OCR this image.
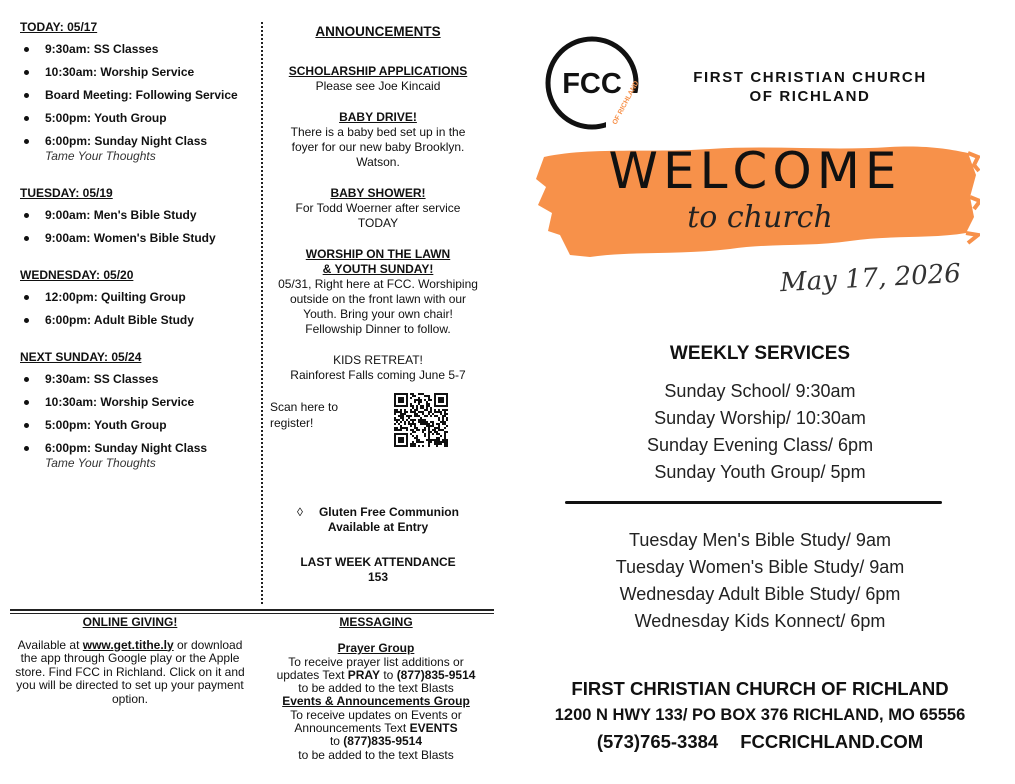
TODAY: 05/17
9:30am: SS Classes
10:30am: Worship Service
Board Meeting: Following Service
5:00pm: Youth Group
6:00pm: Sunday Night Class
Tame Your Thoughts
TUESDAY: 05/19
9:00am: Men's Bible Study
9:00am: Women's Bible Study
WEDNESDAY: 05/20
12:00pm: Quilting Group
6:00pm: Adult Bible Study
NEXT SUNDAY: 05/24
9:30am: SS Classes
10:30am: Worship Service
5:00pm: Youth Group
6:00pm: Sunday Night Class
Tame Your Thoughts
ANNOUNCEMENTS
SCHOLARSHIP APPLICATIONS
Please see Joe Kincaid
BABY DRIVE!
There is a baby bed set up in the
foyer for our new baby Brooklyn.
Watson.
BABY SHOWER!
For Todd Woerner after service
TODAY
WORSHIP ON THE LAWN
& YOUTH SUNDAY!
05/31, Right here at FCC. Worshiping
outside on the front lawn with our
Youth. Bring your own chair!
Fellowship Dinner to follow.
KIDS RETREAT!
Rainforest Falls coming June 5-7
Scan here to
register!
◊ Gluten Free Communion
Available at Entry
LAST WEEK ATTENDANCE
153
ONLINE GIVING!
Available at www.get.tithe.ly or download the app through Google play or the Apple store. Find FCC in Richland. Click on it and you will be directed to set up your payment option.
MESSAGING
Prayer Group
To receive prayer list additions or
updates Text PRAY to (877)835-9514
to be added to the text Blasts
Events & Announcements Group
To receive updates on Events or
Announcements Text EVENTS
to (877)835-9514
to be added to the text Blasts
FCC
OF RICHLAND
FIRST CHRISTIAN CHURCH
OF RICHLAND
WELCOME
to church
May 17, 2026
WEEKLY SERVICES
Sunday School/ 9:30am
Sunday Worship/ 10:30am
Sunday Evening Class/ 6pm
Sunday Youth Group/ 5pm
Tuesday Men's Bible Study/ 9am
Tuesday Women's Bible Study/ 9am
Wednesday Adult Bible Study/ 6pm
Wednesday Kids Konnect/ 6pm
FIRST CHRISTIAN CHURCH OF RICHLAND
1200 N HWY 133/ PO BOX 376 RICHLAND, MO 65556
(573)765-3384 FCCRICHLAND.COM
